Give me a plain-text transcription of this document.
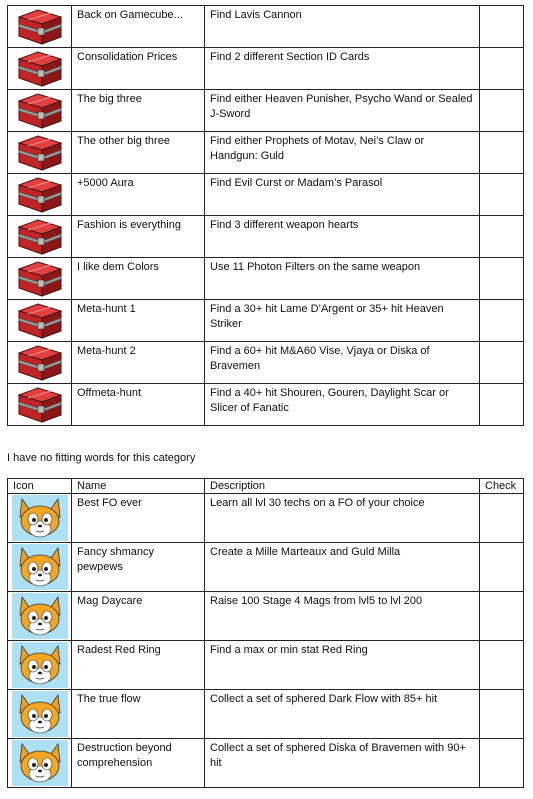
	Back on Gamecube...	Find Lavis Cannon	

	Consolidation Prices	Find 2 different Section ID Cards	

	The big three	Find either Heaven Punisher, Psycho Wand or Sealed J-Sword	

	The other big three	Find either Prophets of Motav, Nei’s Claw or Handgun: Guld	

	+5000 Aura	Find Evil Curst or Madam’s Parasol	

	Fashion is everything	Find 3 different weapon hearts	

	I like dem Colors	Use 11 Photon Filters on the same weapon	

	Meta-hunt 1	Find a 30+ hit Lame D’Argent or 35+ hit Heaven Striker	

	Meta-hunt 2	Find a 60+ hit M&A60 Vise, Vjaya or Diska of Bravemen	

	Offmeta-hunt	Find a 40+ hit Shouren, Gouren, Daylight Scar or Slicer of Fanatic	
I have no fitting words for this category
Icon	Name	Description	Check

	Best FO ever	Learn all lvl 30 techs on a FO of your choice	

	Fancy shmancy pewpews	Create a Mille Marteaux and Guld Milla	

	Mag Daycare	Raise 100 Stage 4 Mags from lvl5 to lvl 200	

	Radest Red Ring	Find a max or min stat Red Ring	

	The true flow	Collect a set of sphered Dark Flow with 85+ hit	

	Destruction beyond comprehension	Collect a set of sphered Diska of Bravemen with 90+ hit	
